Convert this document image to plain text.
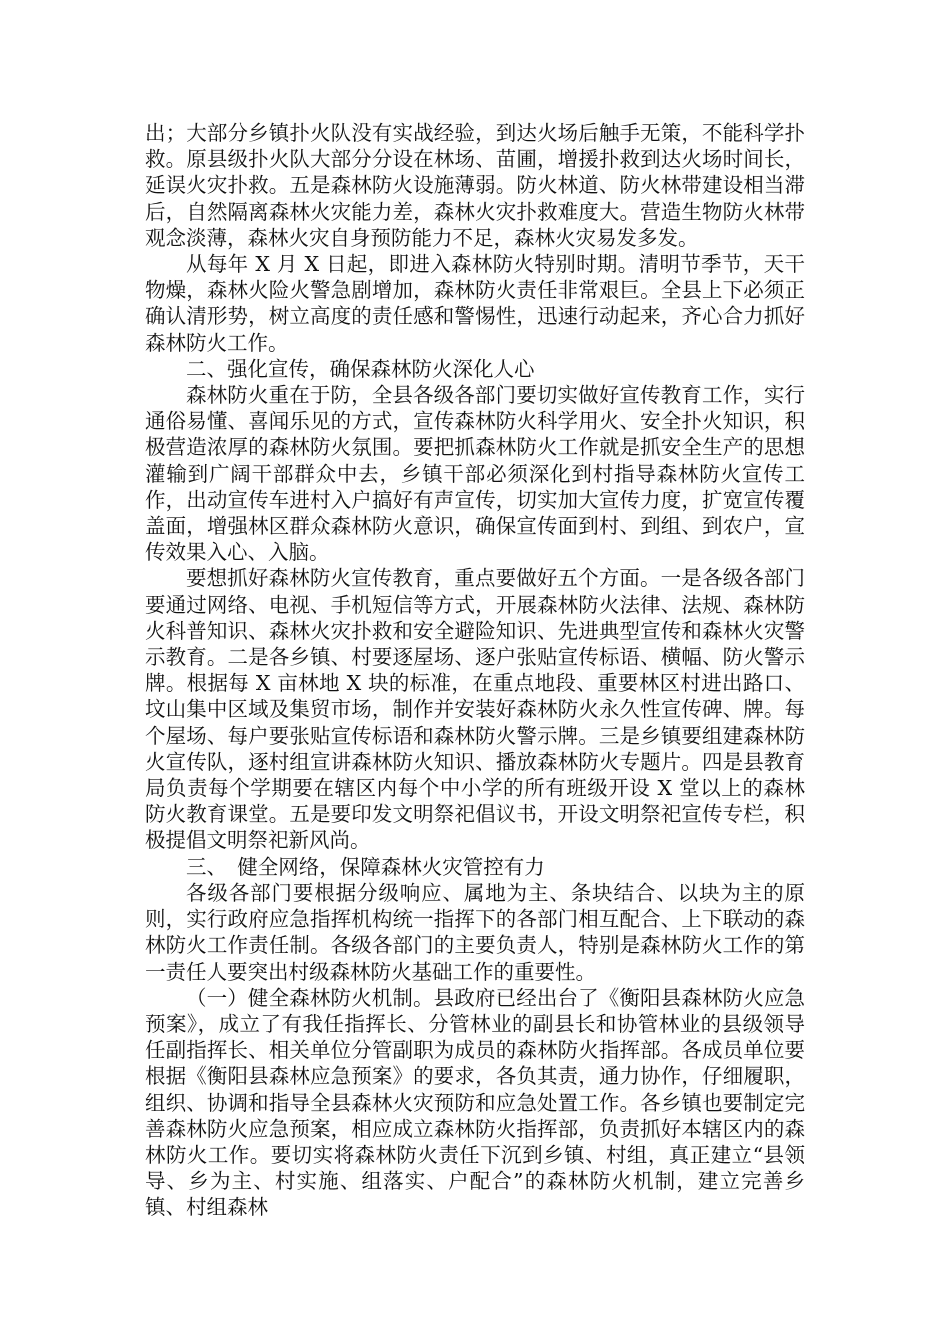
出；大部分乡镇扑火队没有实战经验，到达火场后触手无策，不能科学扑救。原县级扑火队大部分分设在林场、苗圃，增援扑救到达火场时间长，延误火灾扑救。五是森林防火设施薄弱。防火林道、防火林带建设相当滞后，自然隔离森林火灾能力差，森林火灾扑救难度大。营造生物防火林带观念淡薄，森林火灾自身预防能力不足，森林火灾易发多发。

从每年 X 月 X 日起，即进入森林防火特别时期。清明节季节，天干物燥，森林火险火警急剧增加，森林防火责任非常艰巨。全县上下必须正确认清形势，树立高度的责任感和警惕性，迅速行动起来，齐心合力抓好森林防火工作。

二、强化宣传，确保森林防火深化人心

森林防火重在于防，全县各级各部门要切实做好宣传教育工作，实行通俗易懂、喜闻乐见的方式，宣传森林防火科学用火、安全扑火知识，积极营造浓厚的森林防火氛围。要把抓森林防火工作就是抓安全生产的思想灌输到广阔干部群众中去，乡镇干部必须深化到村指导森林防火宣传工作，出动宣传车进村入户搞好有声宣传，切实加大宣传力度，扩宽宣传覆盖面，增强林区群众森林防火意识，确保宣传面到村、到组、到农户，宣传效果入心、入脑。

要想抓好森林防火宣传教育，重点要做好五个方面。一是各级各部门要通过网络、电视、手机短信等方式，开展森林防火法律、法规、森林防火科普知识、森林火灾扑救和安全避险知识、先进典型宣传和森林火灾警示教育。二是各乡镇、村要逐屋场、逐户张贴宣传标语、横幅、防火警示牌。根据每 X 亩林地 X 块的标准，在重点地段、重要林区村进出路口、坟山集中区域及集贸市场，制作并安装好森林防火永久性宣传碑、牌。每个屋场、每户要张贴宣传标语和森林防火警示牌。三是乡镇要组建森林防火宣传队，逐村组宣讲森林防火知识、播放森林防火专题片。四是县教育局负责每个学期要在辖区内每个中小学的所有班级开设 X 堂以上的森林防火教育课堂。五是要印发文明祭祀倡议书，开设文明祭祀宣传专栏，积极提倡文明祭祀新风尚。

三、　健全网络，保障森林火灾管控有力

各级各部门要根据分级响应、属地为主、条块结合、以块为主的原则，实行政府应急指挥机构统一指挥下的各部门相互配合、上下联动的森林防火工作责任制。各级各部门的主要负责人，特别是森林防火工作的第一责任人要突出村级森林防火基础工作的重要性。

（一）健全森林防火机制。县政府已经出台了《衡阳县森林防火应急预案》，成立了有我任指挥长、分管林业的副县长和协管林业的县级领导任副指挥长、相关单位分管副职为成员的森林防火指挥部。各成员单位要根据《衡阳县森林应急预案》的要求，各负其责，通力协作，仔细履职，组织、协调和指导全县森林火灾预防和应急处置工作。各乡镇也要制定完善森林防火应急预案，相应成立森林防火指挥部，负责抓好本辖区内的森林防火工作。要切实将森林防火责任下沉到乡镇、村组，真正建立“县领导、乡为主、村实施、组落实、户配合”的森林防火机制，建立完善乡镇、村组森林
